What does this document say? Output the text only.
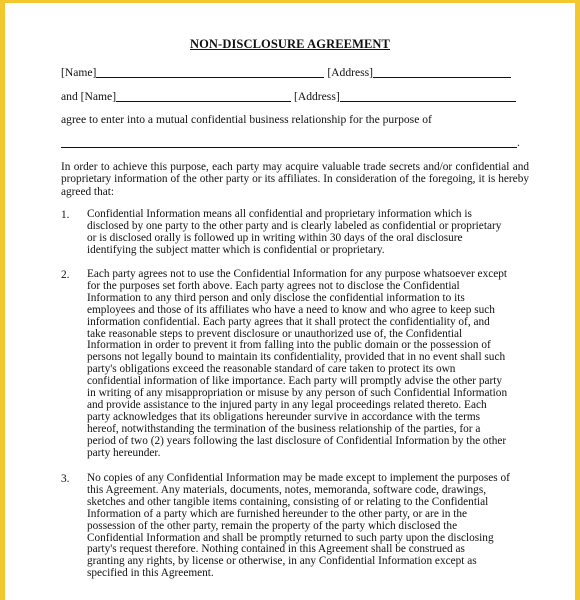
NON-DISCLOSURE AGREEMENT
[Name]	[Address]
and [Name]	[Address]
agree to enter into a mutual confidential business relationship for the purpose of
.
In order to achieve this purpose, each party may acquire valuable trade secrets and/or confidential and proprietary information of the other party or its affiliates. In consideration of the foregoing, it is hereby agreed that:
1. Confidential Information means all confidential and proprietary information which is
disclosed by one party to the other party and is clearly labeled as confidential or proprietary
or is disclosed orally is followed up in writing within 30 days of the oral disclosure
identifying the subject matter which is confidential or proprietary.
2. Each party agrees not to use the Confidential Information for any purpose whatsoever except
for the purposes set forth above. Each party agrees not to disclose the Confidential
Information to any third person and only disclose the confidential information to its
employees and those of its affiliates who have a need to know and who agree to keep such
information confidential. Each party agrees that it shall protect the confidentiality of, and
take reasonable steps to prevent disclosure or unauthorized use of, the Confidential
Information in order to prevent it from falling into the public domain or the possession of
persons not legally bound to maintain its confidentiality, provided that in no event shall such
party's obligations exceed the reasonable standard of care taken to protect its own
confidential information of like importance. Each party will promptly advise the other party
in writing of any misappropriation or misuse by any person of such Confidential Information
and provide assistance to the injured party in any legal proceedings related thereto. Each
party acknowledges that its obligations hereunder survive in accordance with the terms
hereof, notwithstanding the termination of the business relationship of the parties, for a
period of two (2) years following the last disclosure of Confidential Information by the other
party hereunder.
3. No copies of any Confidential Information may be made except to implement the purposes of
this Agreement. Any materials, documents, notes, memoranda, software code, drawings,
sketches and other tangible items containing, consisting of or relating to the Confidential
Information of a party which are furnished hereunder to the other party, or are in the
possession of the other party, remain the property of the party which disclosed the
Confidential Information and shall be promptly returned to such party upon the disclosing
party's request therefore. Nothing contained in this Agreement shall be construed as
granting any rights, by license or otherwise, in any Confidential Information except as
specified in this Agreement.
